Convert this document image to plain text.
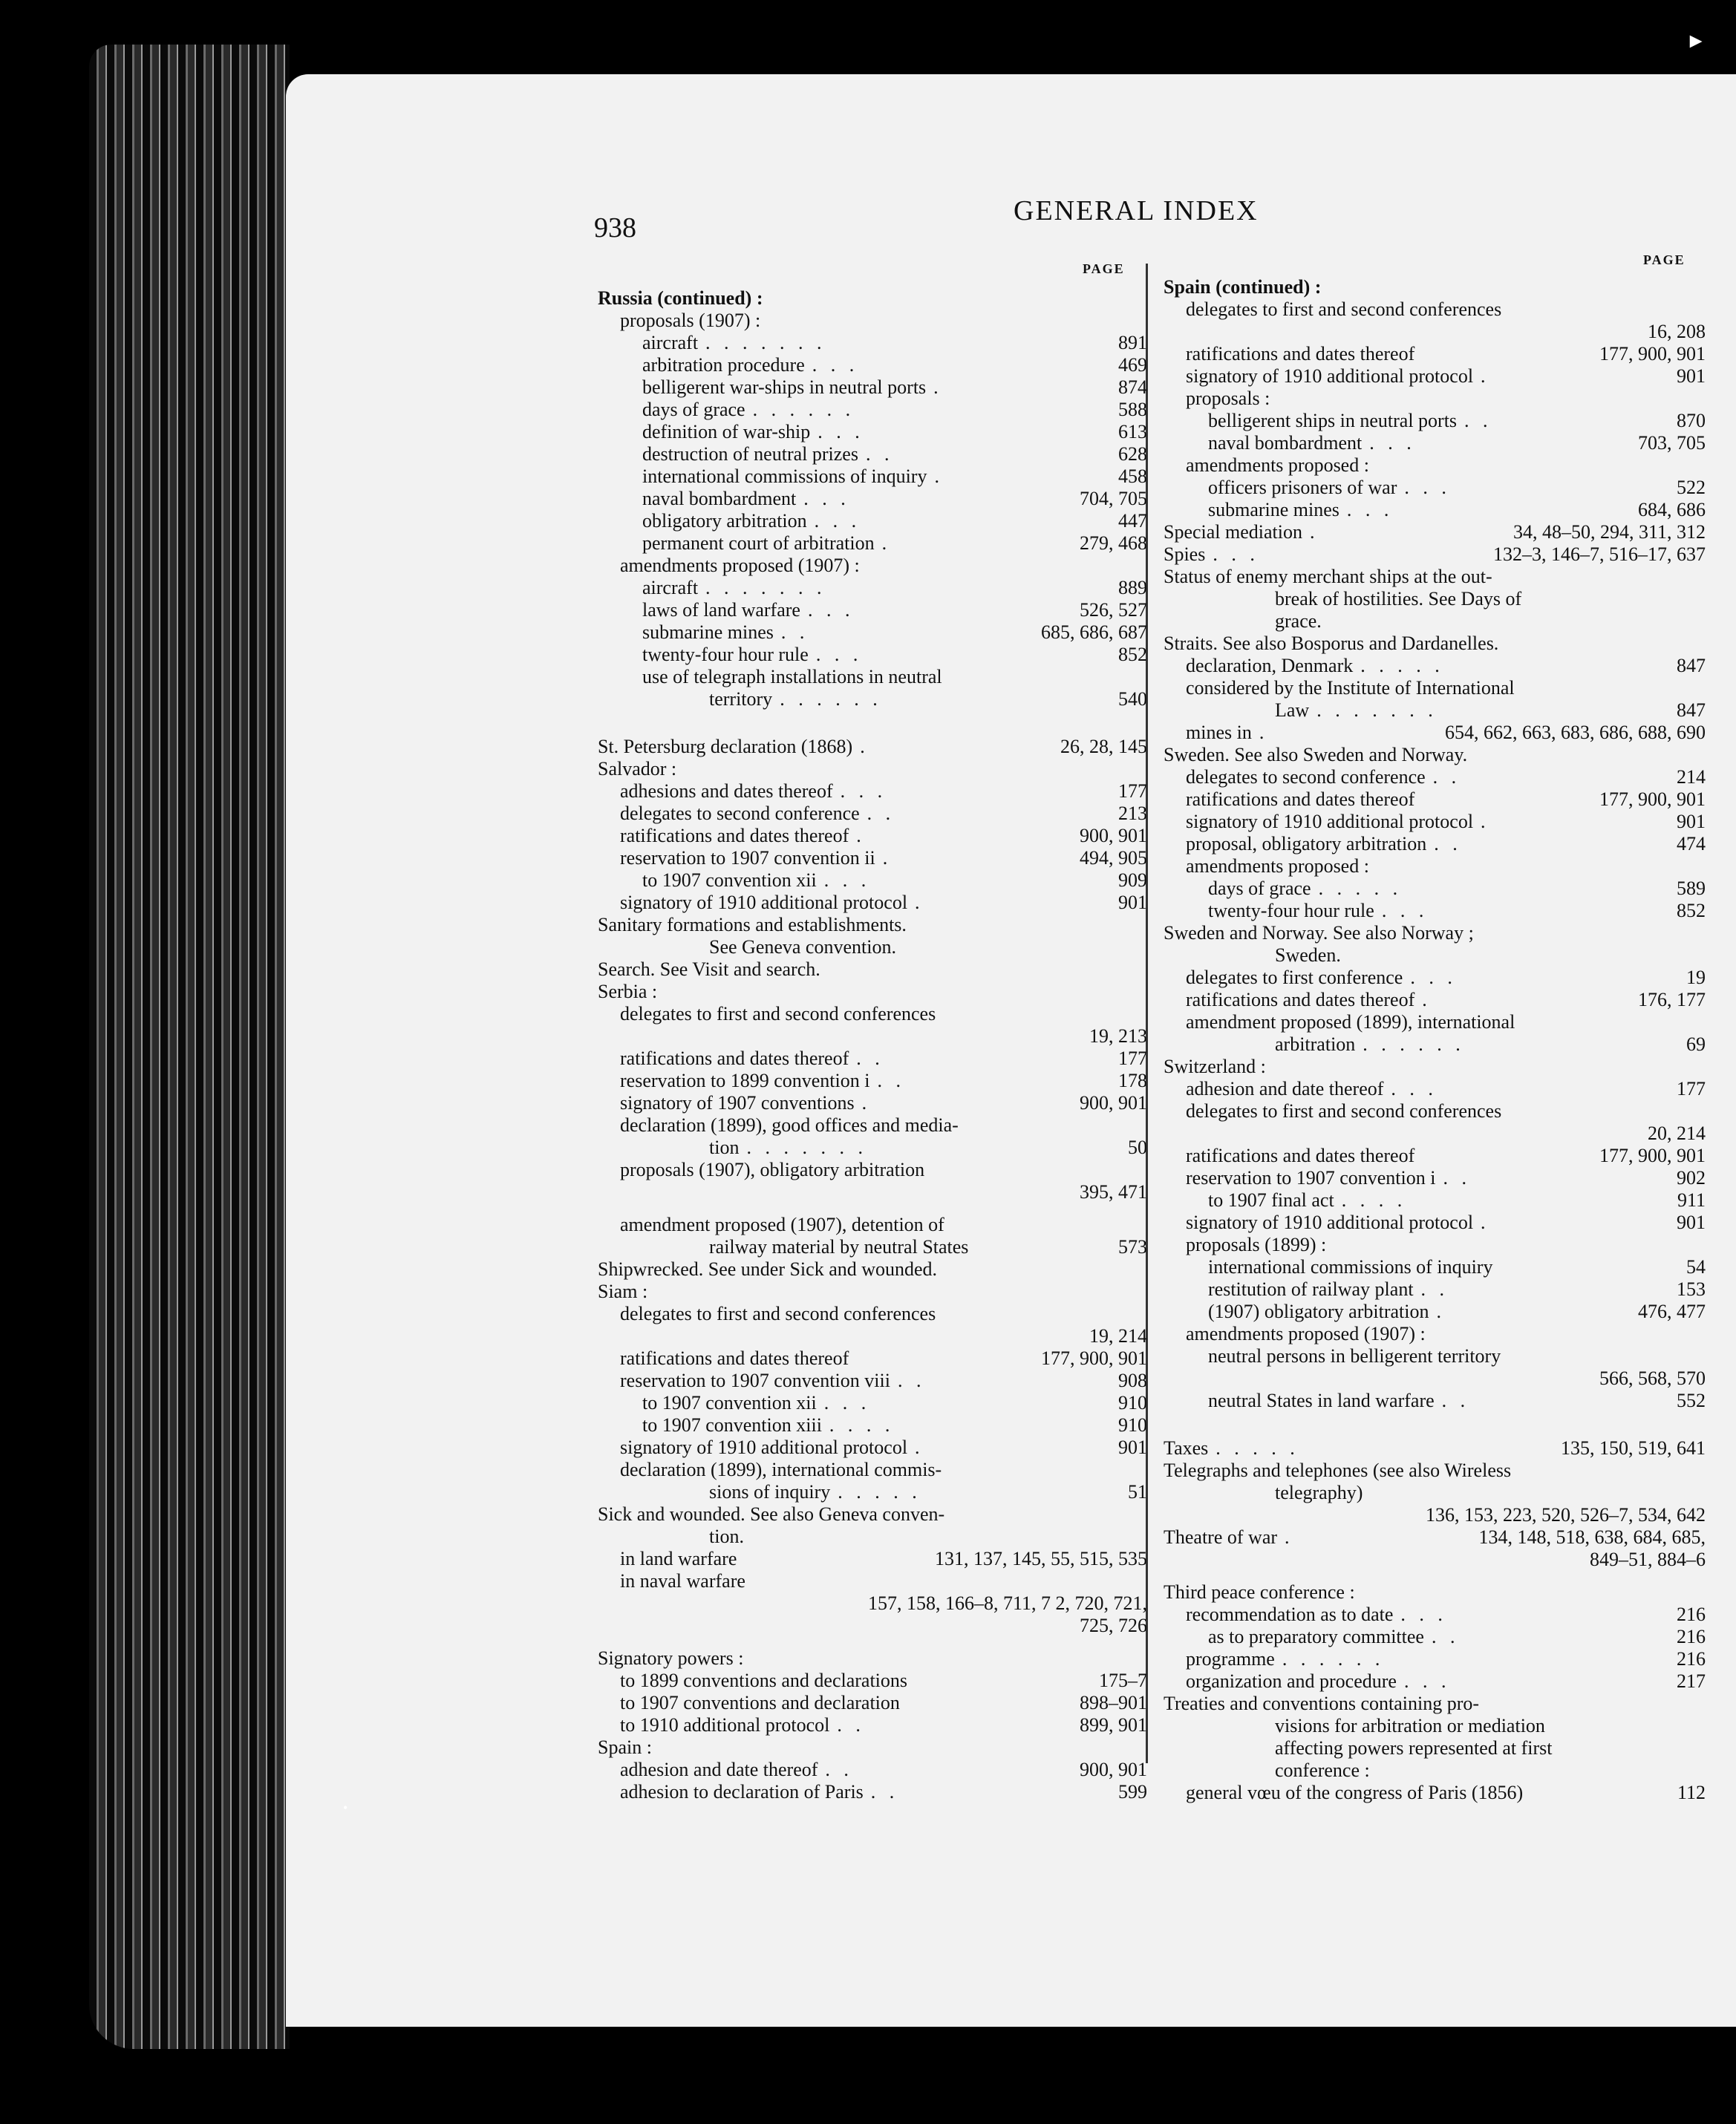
►
•
938
GENERAL INDEX
PAGE
PAGE
Russia (continued) :
proposals (1907) :
aircraft . . . . . . .	891
arbitration procedure . . .	469
belligerent war-ships in neutral ports .	874
days of grace . . . . . .	588
definition of war-ship . . .	613
destruction of neutral prizes . .	628
international commissions of inquiry .	458
naval bombardment . . .	704, 705
obligatory arbitration . . .	447
permanent court of arbitration .	279, 468
amendments proposed (1907) :
aircraft . . . . . . .	889
laws of land warfare . . .	526, 527
submarine mines . .	685, 686, 687
twenty-four hour rule . . .	852
use of telegraph installations in neutral
territory . . . . . .	540
St. Petersburg declaration (1868) .	26, 28, 145
Salvador :
adhesions and dates thereof . . .	177
delegates to second conference . .	213
ratifications and dates thereof .	900, 901
reservation to 1907 convention ii .	494, 905
to 1907 convention xii . . .	909
signatory of 1910 additional protocol .	901
Sanitary formations and establishments.
See Geneva convention.
Search. See Visit and search.
Serbia :
delegates to first and second conferences
19, 213
ratifications and dates thereof . .	177
reservation to 1899 convention i . .	178
signatory of 1907 conventions .	900, 901
declaration (1899), good offices and media-
tion . . . . . . .	50
proposals (1907), obligatory arbitration
395, 471
amendment proposed (1907), detention of
railway material by neutral States	573
Shipwrecked. See under Sick and wounded.
Siam :
delegates to first and second conferences
19, 214
ratifications and dates thereof	177, 900, 901
reservation to 1907 convention viii . .	908
to 1907 convention xii . . .	910
to 1907 convention xiii . . . .	910
signatory of 1910 additional protocol .	901
declaration (1899), international commis-
sions of inquiry . . . . .	51
Sick and wounded. See also Geneva conven-
tion.
in land warfare	131, 137, 145, 55, 515, 535
in naval warfare
157, 158, 166–8, 711, 7 2, 720, 721,
725, 726
Signatory powers :
to 1899 conventions and declarations	175–7
to 1907 conventions and declaration	898–901
to 1910 additional protocol . .	899, 901
Spain :
adhesion and date thereof . .	900, 901
adhesion to declaration of Paris . .	599
Spain (continued) :
delegates to first and second conferences
16, 208
ratifications and dates thereof	177, 900, 901
signatory of 1910 additional protocol .	901
proposals :
belligerent ships in neutral ports . .	870
naval bombardment . . .	703, 705
amendments proposed :
officers prisoners of war . . .	522
submarine mines . . .	684, 686
Special mediation .	34, 48–50, 294, 311, 312
Spies . . .	132–3, 146–7, 516–17, 637
Status of enemy merchant ships at the out-
break of hostilities. See Days of
grace.
Straits. See also Bosporus and Dardanelles.
declaration, Denmark . . . . .	847
considered by the Institute of International
Law . . . . . . .	847
mines in .	654, 662, 663, 683, 686, 688, 690
Sweden. See also Sweden and Norway.
delegates to second conference . .	214
ratifications and dates thereof	177, 900, 901
signatory of 1910 additional protocol .	901
proposal, obligatory arbitration . .	474
amendments proposed :
days of grace . . . . .	589
twenty-four hour rule . . .	852
Sweden and Norway. See also Norway ;
Sweden.
delegates to first conference . . .	19
ratifications and dates thereof .	176, 177
amendment proposed (1899), international
arbitration . . . . . .	69
Switzerland :
adhesion and date thereof . . .	177
delegates to first and second conferences
20, 214
ratifications and dates thereof	177, 900, 901
reservation to 1907 convention i . .	902
to 1907 final act . . . .	911
signatory of 1910 additional protocol .	901
proposals (1899) :
international commissions of inquiry	54
restitution of railway plant . .	153
(1907) obligatory arbitration .	476, 477
amendments proposed (1907) :
neutral persons in belligerent territory
566, 568, 570
neutral States in land warfare . .	552
Taxes . . . . .	135, 150, 519, 641
Telegraphs and telephones (see also Wireless
telegraphy)
136, 153, 223, 520, 526–7, 534, 642
Theatre of war .	134, 148, 518, 638, 684, 685,
849–51, 884–6
Third peace conference :
recommendation as to date . . .	216
as to preparatory committee . .	216
programme . . . . . .	216
organization and procedure . . .	217
Treaties and conventions containing pro-
visions for arbitration or mediation
affecting powers represented at first
conference :
general vœu of the congress of Paris (1856)	112
